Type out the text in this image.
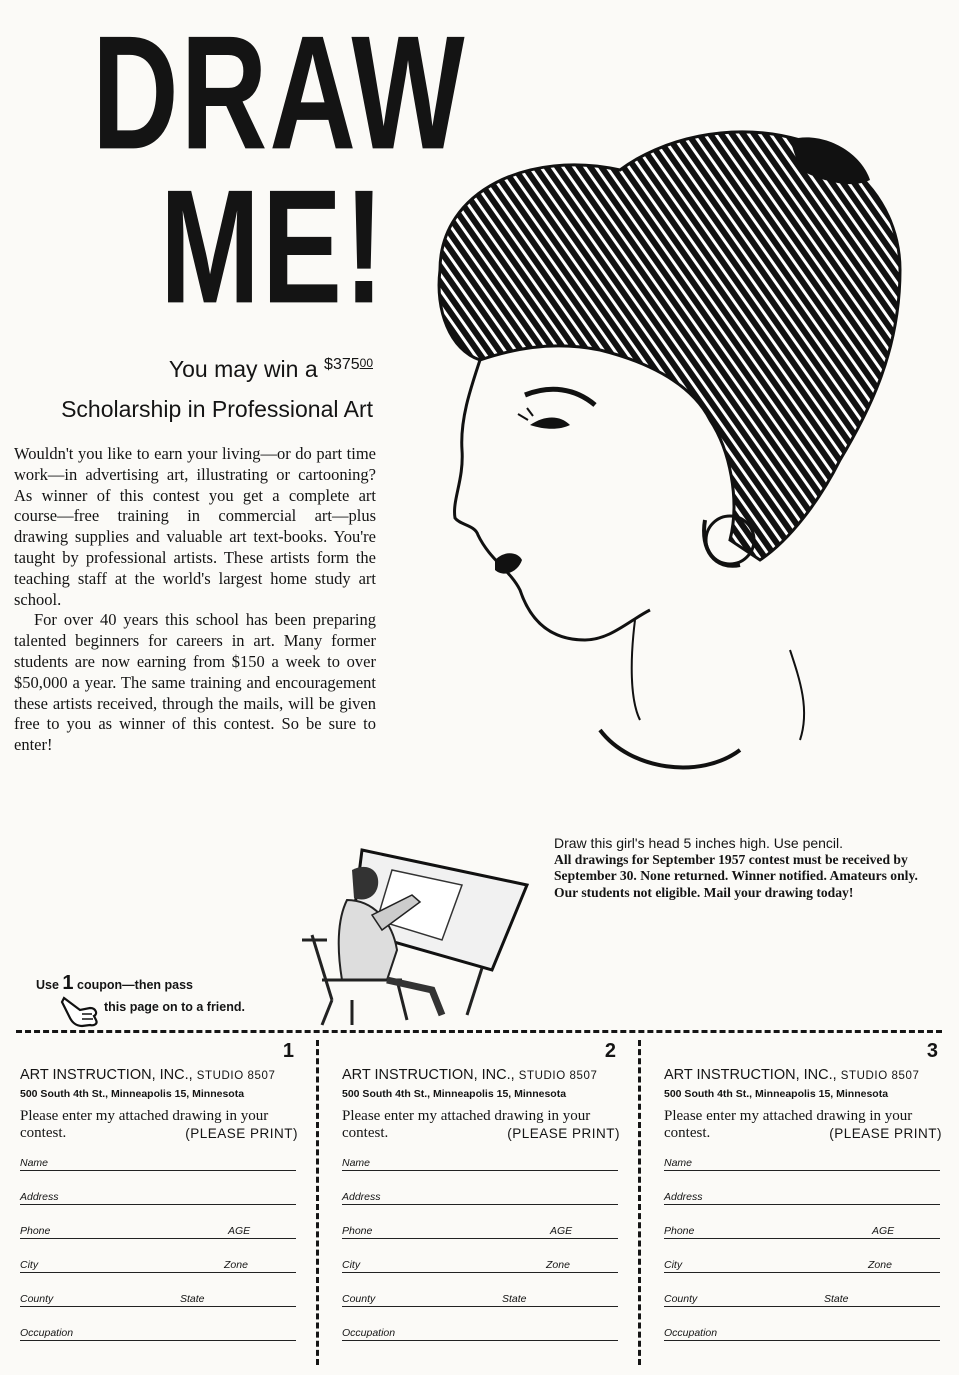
DRAW
ME!
You may win a $^{\$37500}$
Scholarship in Professional Art

Wouldn't you like to earn your living—or do part time work—in advertising art, illustrating or cartooning? As winner of this contest you get a complete art course—free training in commercial art—plus drawing supplies and valuable art text-books. You're taught by professional artists. These artists form the teaching staff at the world's largest home study art school.

For over 40 years this school has been preparing talented beginners for careers in art. Many former students are now earning from $150 a week to over $50,000 a year. The same training and encouragement these artists received, through the mails, will be given free to you as winner of this contest. So be sure to enter!

Draw this girl's head 5 inches high. Use pencil.
All drawings for September 1957 contest must be received by September 30. None returned. Winner notified. Amateurs only. Our students not eligible. Mail your drawing today!
Use 1 coupon—then pass
this page on to a friend.
1
ART INSTRUCTION, INC., STUDIO 8507
500 South 4th St., Minneapolis 15, Minnesota
Please enter my attached drawing in your contest.	(PLEASE PRINT)
Name
Address
Phone	AGE
City	Zone
County	State
Occupation
2
ART INSTRUCTION, INC., STUDIO 8507
500 South 4th St., Minneapolis 15, Minnesota
Please enter my attached drawing in your contest.	(PLEASE PRINT)
Name
Address
Phone	AGE
City	Zone
County	State
Occupation
3
ART INSTRUCTION, INC., STUDIO 8507
500 South 4th St., Minneapolis 15, Minnesota
Please enter my attached drawing in your contest.	(PLEASE PRINT)
Name
Address
Phone	AGE
City	Zone
County	State
Occupation
